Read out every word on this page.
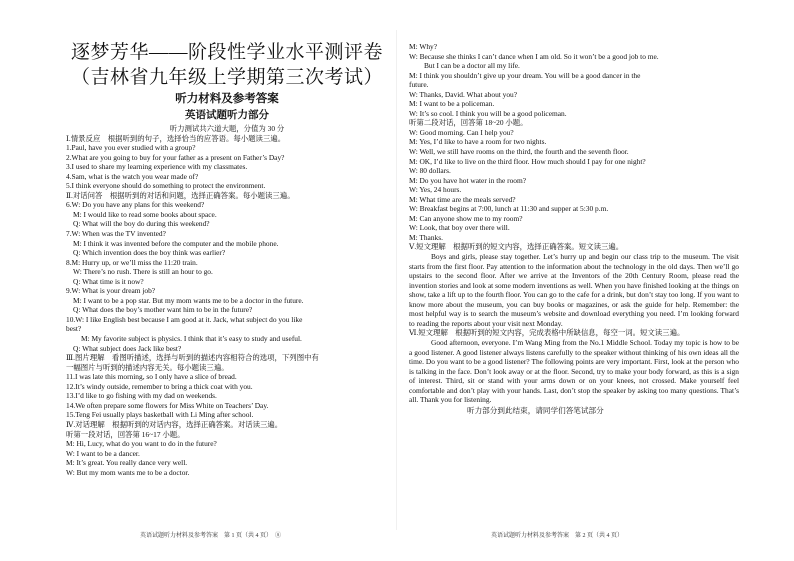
逐梦芳华——阶段性学业水平测评卷
（吉林省九年级上学期第三次考试）
听力材料及参考答案
英语试题听力部分
听力测试共六道大题，分值为 30 分
Ⅰ.情景反应　根据听到的句子，选择恰当的应答语。每小题读三遍。
1.Paul, have you ever studied with a group?
2.What are you going to buy for your father as a present on Father’s Day?
3.I used to share my learning experience with my classmates.
4.Sam, what is the watch you wear made of?
5.I think everyone should do something to protect the environment.
Ⅱ.对话问答　根据听到的对话和问题，选择正确答案。每小题读三遍。
6.W: Do you have any plans for this weekend?
M: I would like to read some books about space.
Q: What will the boy do during this weekend?
7.W: When was the TV invented?
M: I think it was invented before the computer and the mobile phone.
Q: Which invention does the boy think was earlier?
8.M: Hurry up, or we’ll miss the 11:20 train.
W: There’s no rush. There is still an hour to go.
Q: What time is it now?
9.W: What is your dream job?
M: I want to be a pop star. But my mom wants me to be a doctor in the future.
Q: What does the boy’s mother want him to be in the future?
10.W: I like English best because I am good at it. Jack, what subject do you like
best?
M: My favorite subject is physics. I think that it’s easy to study and useful.
Q: What subject does Jack like best?
Ⅲ.图片理解　看图听描述，选择与听到的描述内容相符合的选项，下列图中有
一幅图片与听到的描述内容无关。每小题读三遍。
11.I was late this morning, so I only have a slice of bread.
12.It’s windy outside, remember to bring a thick coat with you.
13.I’d like to go fishing with my dad on weekends.
14.We often prepare some flowers for Miss White on Teachers’ Day.
15.Teng Fei usually plays basketball with Li Ming after school.
Ⅳ.对话理解　根据听到的对话内容，选择正确答案。对话读三遍。
听第一段对话，回答第 16~17 小题。
M: Hi, Lucy, what do you want to do in the future?
W: I want to be a dancer.
M: It’s great. You really dance very well.
W: But my mom wants me to be a doctor.
英语试题听力材料及参考答案　第 1 页（共 4 页）　⑧
M: Why?
W: Because she thinks I can’t dance when I am old. So it won’t be a good job to me.
But I can be a doctor all my life.
M: I think you shouldn’t give up your dream. You will be a good dancer in the
future.
W: Thanks, David. What about you?
M: I want to be a policeman.
W: It’s so cool. I think you will be a good policeman.
听第二段对话，回答第 18~20 小题。
W: Good morning. Can I help you?
M: Yes, I’d like to have a room for two nights.
W: Well, we still have rooms on the third, the fourth and the seventh floor.
M: OK, I’d like to live on the third floor. How much should I pay for one night?
W: 80 dollars.
M: Do you have hot water in the room?
W: Yes, 24 hours.
M: What time are the meals served?
W: Breakfast begins at 7:00, lunch at 11:30 and supper at 5:30 p.m.
M: Can anyone show me to my room?
W: Look, that boy over there will.
M: Thanks.
Ⅴ.短文理解　根据听到的短文内容，选择正确答案。短文读三遍。
Boys and girls, please stay together. Let’s hurry up and begin our class trip to the museum. The visit starts from the first floor. Pay attention to the information about the technology in the old days. Then we’ll go upstairs to the second floor. After we arrive at the Inventors of the 20th Century Room, please read the invention stories and look at some modern inventions as well. When you have finished looking at the things on show, take a lift up to the fourth floor. You can go to the cafe for a drink, but don’t stay too long. If you want to know more about the museum, you can buy books or magazines, or ask the guide for help. Remember: the most helpful way is to search the museum’s website and download everything you need. I’m looking forward to reading the reports about your visit next Monday.
Ⅵ.短文理解　根据听到的短文内容，完成表格中所缺信息，每空一词。短文读三遍。
Good afternoon, everyone. I’m Wang Ming from the No.1 Middle School. Today my topic is how to be a good listener. A good listener always listens carefully to the speaker without thinking of his own ideas all the time. Do you want to be a good listener? The following points are very important. First, look at the person who is talking in the face. Don’t look away or at the floor. Second, try to make your body forward, as this is a sign of interest. Third, sit or stand with your arms down or on your knees, not crossed. Make yourself feel comfortable and don’t play with your hands. Last, don’t stop the speaker by asking too many questions. That’s all. Thank you for listening.
听力部分到此结束，请同学们答笔试部分
英语试题听力材料及参考答案　第 2 页（共 4 页）
